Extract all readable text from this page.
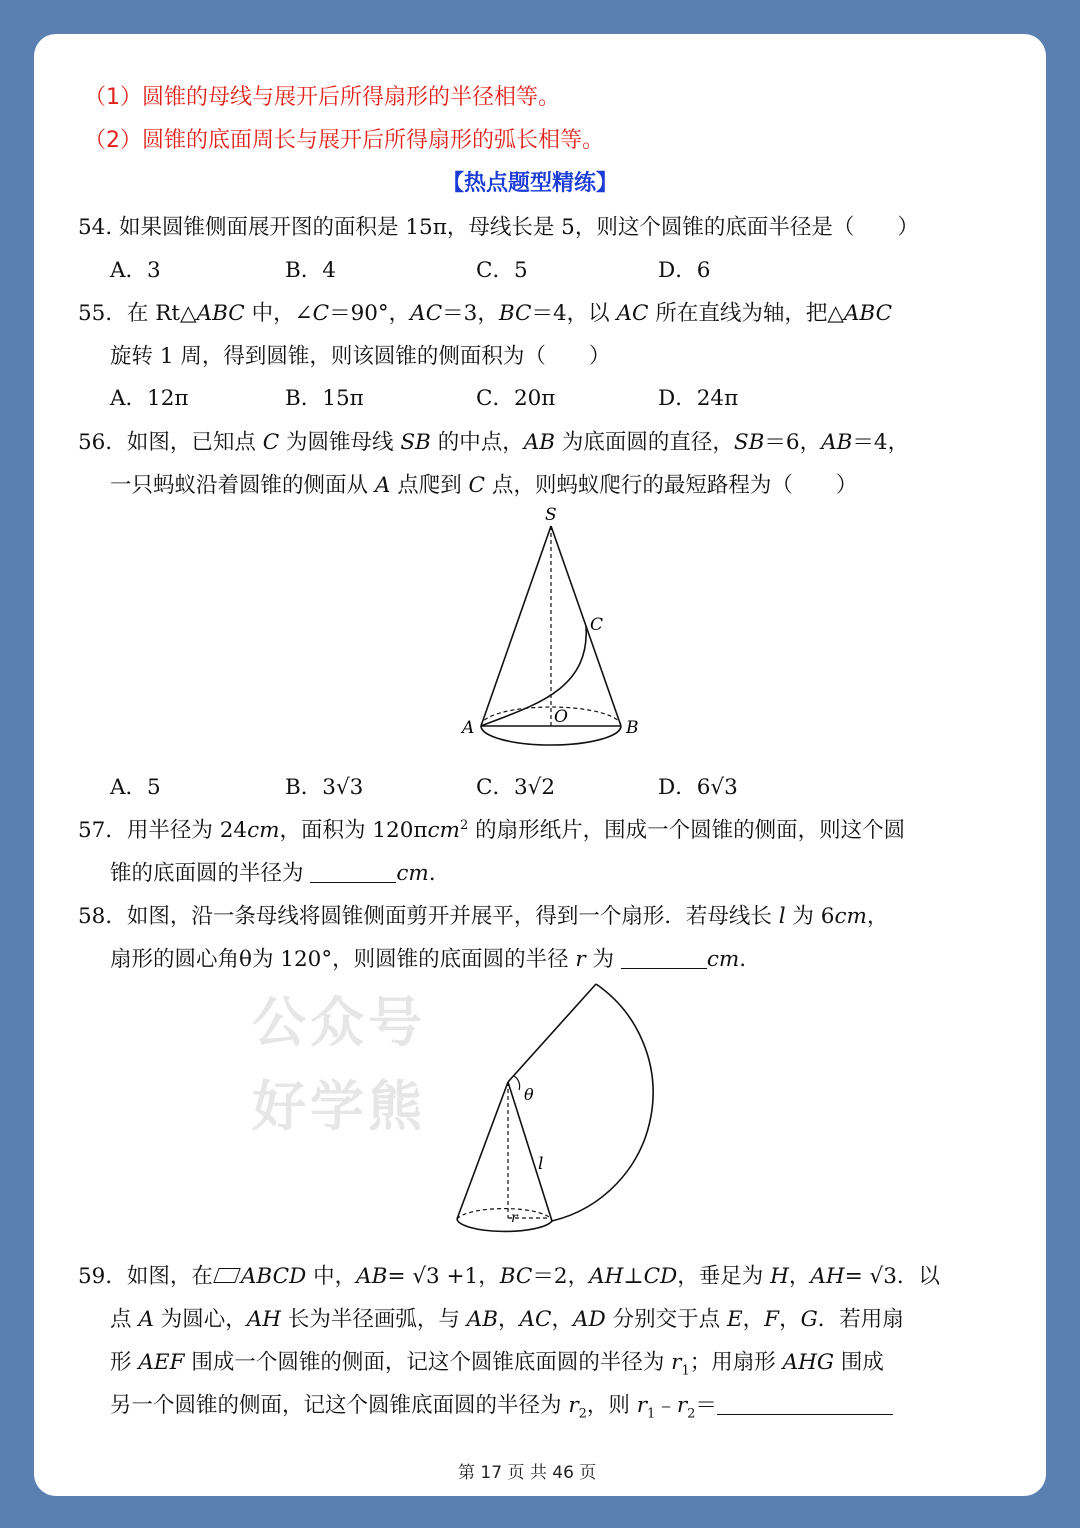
（1）圆锥的母线与展开后所得扇形的半径相等。
（2）圆锥的底面周长与展开后所得扇形的弧长相等。
【热点题型精练】
54. 如果圆锥侧面展开图的面积是 15π，母线长是 5，则这个圆锥的底面半径是（　　）
A．3	B．4	C．5	D．6
55．在 Rt△ABC 中，∠C＝90°，AC＝3，BC＝4，以 AC 所在直线为轴，把△ABC
旋转 1 周，得到圆锥，则该圆锥的侧面积为（　　）
A．12π	B．15π	C．20π	D．24π
56．如图，已知点 C 为圆锥母线 SB 的中点，AB 为底面圆的直径，SB＝6，AB＝4，
一只蚂蚁沿着圆锥的侧面从 A 点爬到 C 点，则蚂蚁爬行的最短路程为（　　）
S
C
A
O
B
A．5	B．3√3	C．3√2	D．6√3
57．用半径为 24cm，面积为 120πcm$^2$ 的扇形纸片，围成一个圆锥的侧面，则这个圆
锥的底面圆的半径为	cm.
58．如图，沿一条母线将圆锥侧面剪开并展平，得到一个扇形．若母线长 l 为 6cm，
扇形的圆心角θ为 120°，则圆锥的底面圆的半径 r 为	cm.
公众号
好学熊	θ
l
r
59．如图，在 ABCD 中，AB= √3 +1，BC＝2，AH⊥CD，垂足为 H，AH= √3．以
点 A 为圆心，AH 长为半径画弧，与 AB，AC，AD 分别交于点 E，F，G．若用扇
形 AEF 围成一个圆锥的侧面，记这个圆锥底面圆的半径为 $r_1$；用扇形 AHG 围成
另一个圆锥的侧面，记这个圆锥底面圆的半径为 $r_2$，则 $r_1﹣r_2=$
第 17 页 共 46 页
